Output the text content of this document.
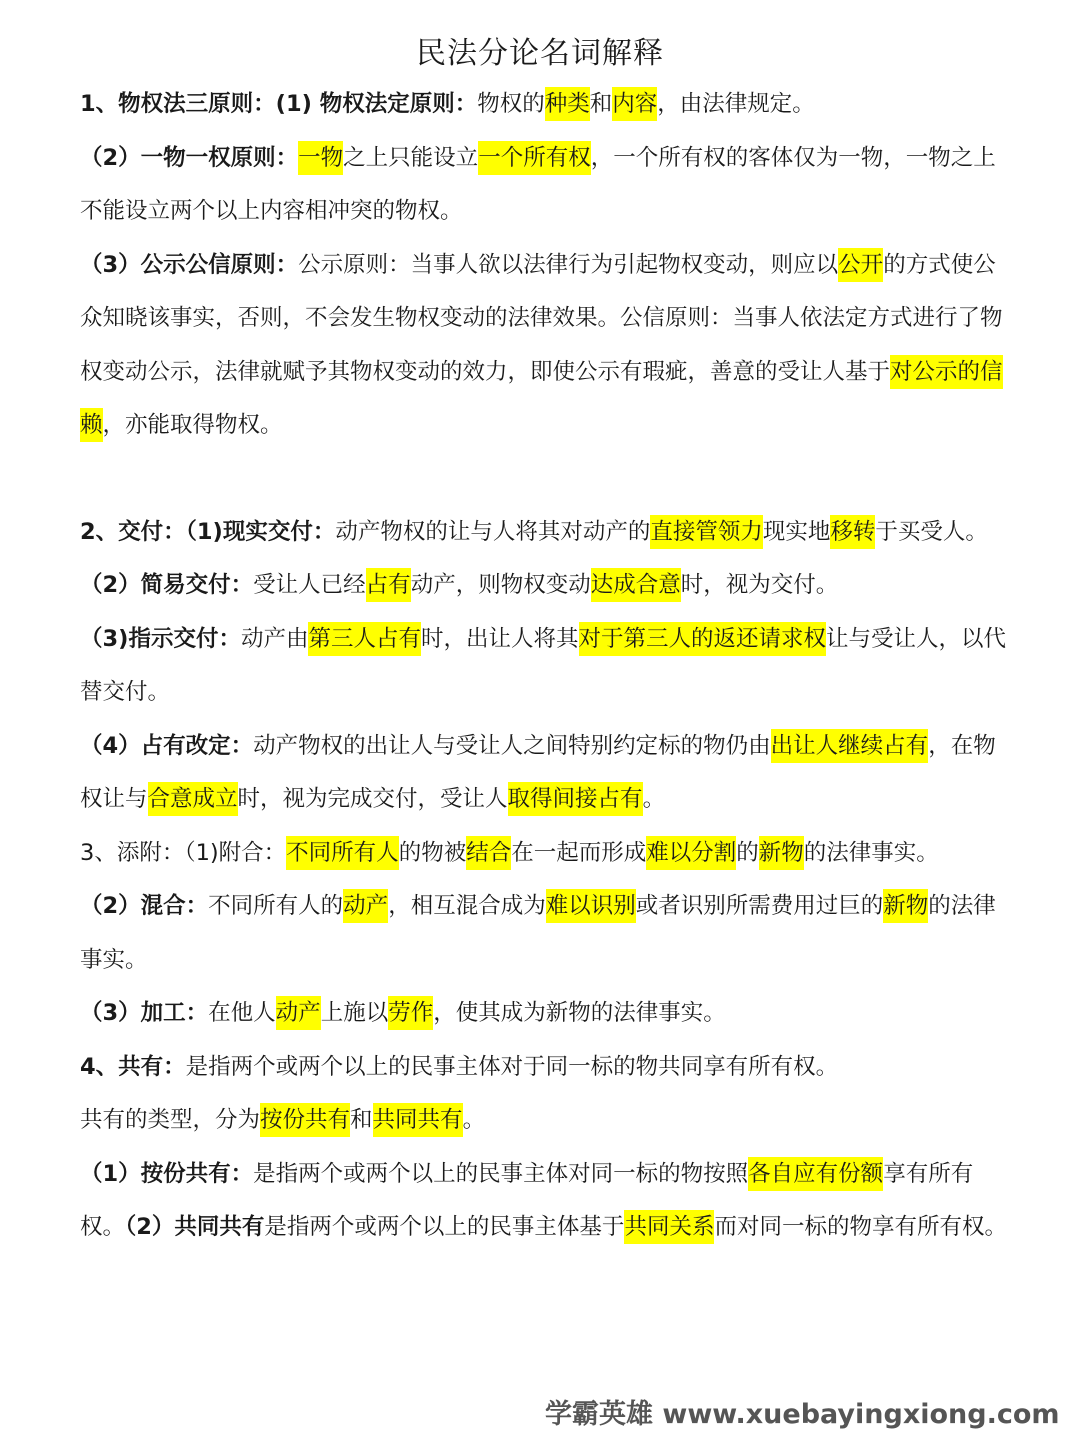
民法分论名词解释

1、物权法三原则：(1) 物权法定原则：物权的种类和内容，由法律规定。

（2）一物一权原则：一物之上只能设立一个所有权，一个所有权的客体仅为一物，一物之上不能设立两个以上内容相冲突的物权。

（3）公示公信原则：公示原则：当事人欲以法律行为引起物权变动，则应以公开的方式使公众知晓该事实，否则，不会发生物权变动的法律效果。公信原则：当事人依法定方式进行了物权变动公示，法律就赋予其物权变动的效力，即使公示有瑕疵，善意的受让人基于对公示的信赖，亦能取得物权。

2、交付：（1)现实交付：动产物权的让与人将其对动产的直接管领力现实地移转于买受人。

（2）简易交付：受让人已经占有动产，则物权变动达成合意时，视为交付。

（3)指示交付：动产由第三人占有时，出让人将其对于第三人的返还请求权让与受让人，以代替交付。

（4）占有改定：动产物权的出让人与受让人之间特别约定标的物仍由出让人继续占有，在物权让与合意成立时，视为完成交付，受让人取得间接占有。

3、添附：（1)附合：不同所有人的物被结合在一起而形成难以分割的新物的法律事实。

（2）混合：不同所有人的动产，相互混合成为难以识别或者识别所需费用过巨的新物的法律事实。

（3）加工：在他人动产上施以劳作，使其成为新物的法律事实。

4、共有：是指两个或两个以上的民事主体对于同一标的物共同享有所有权。

共有的类型，分为按份共有和共同共有。

（1）按份共有：是指两个或两个以上的民事主体对同一标的物按照各自应有份额享有所有权。（2）共同共有是指两个或两个以上的民事主体基于共同关系而对同一标的物享有所有权。

学霸英雄 www.xuebayingxiong.com
